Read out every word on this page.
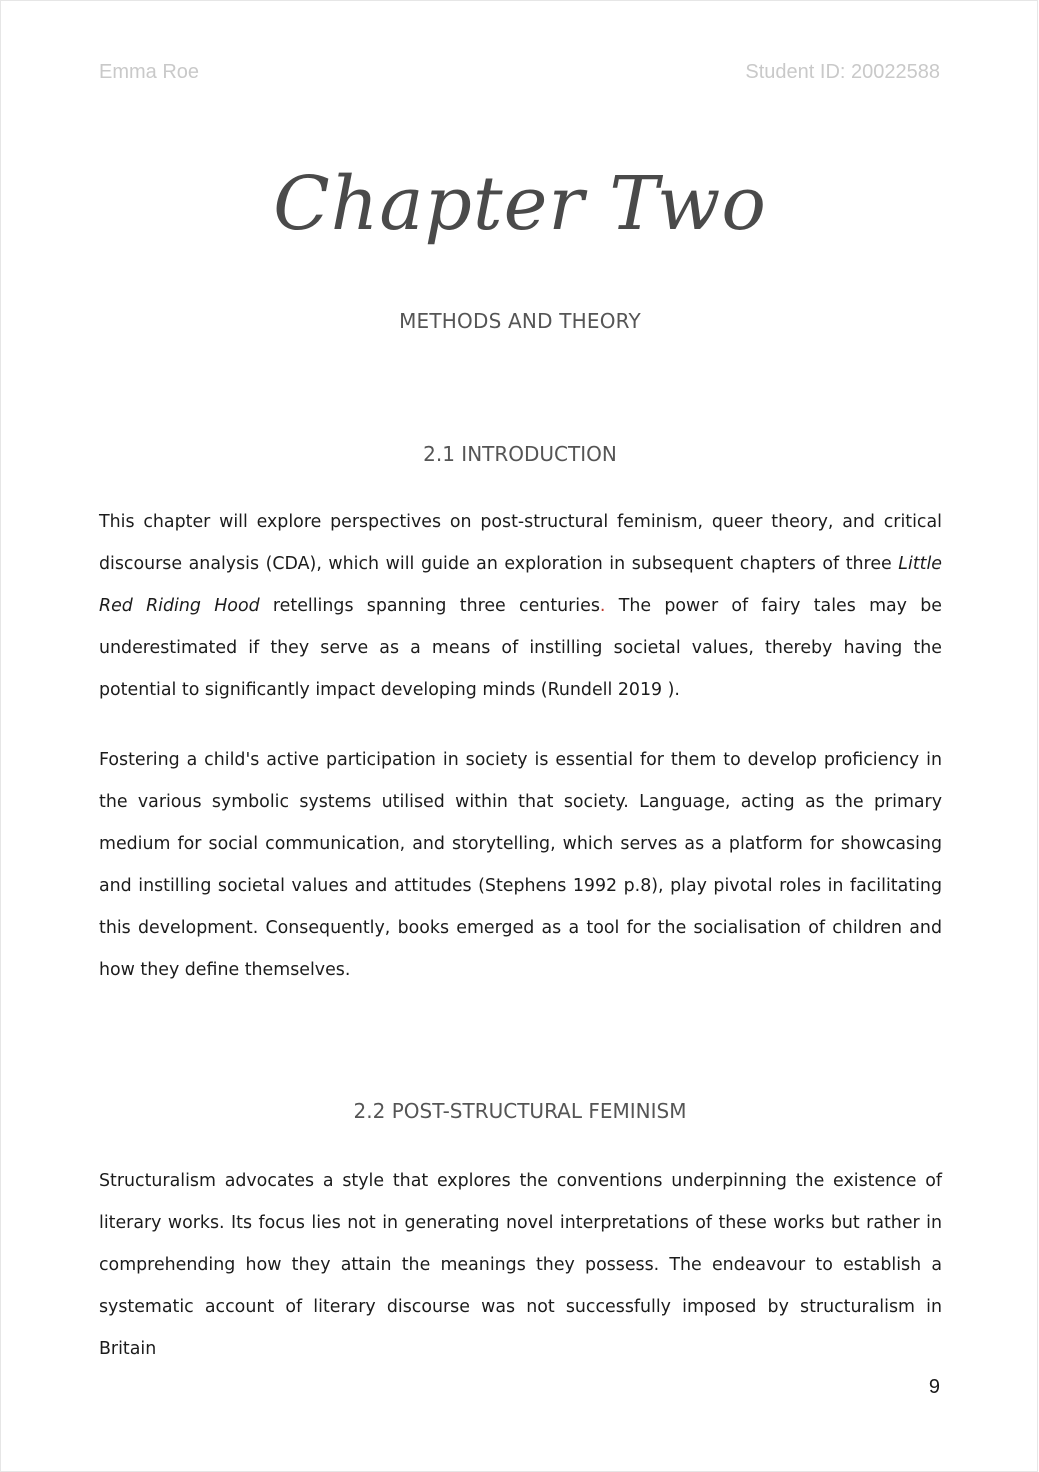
Emma Roe	Student ID: 20022588
Chapter Two
METHODS AND THEORY
2.1 INTRODUCTION

This chapter will explore perspectives on post-structural feminism, queer theory, and critical discourse analysis (CDA), which will guide an exploration in subsequent chapters of three Little Red Riding Hood retellings spanning three centuries. The power of fairy tales may be underestimated if they serve as a means of instilling societal values, thereby having the potential to significantly impact developing minds (Rundell 2019 ).

Fostering a child's active participation in society is essential for them to develop proficiency in the various symbolic systems utilised within that society. Language, acting as the primary medium for social communication, and storytelling, which serves as a platform for showcasing and instilling societal values and attitudes (Stephens 1992 p.8), play pivotal roles in facilitating this development. Consequently, books emerged as a tool for the socialisation of children and how they define themselves.

2.2 POST-STRUCTURAL FEMINISM

Structuralism advocates a style that explores the conventions underpinning the existence of literary works. Its focus lies not in generating novel interpretations of these works but rather in comprehending how they attain the meanings they possess. The endeavour to establish a systematic account of literary discourse was not successfully imposed by structuralism in Britain

9
